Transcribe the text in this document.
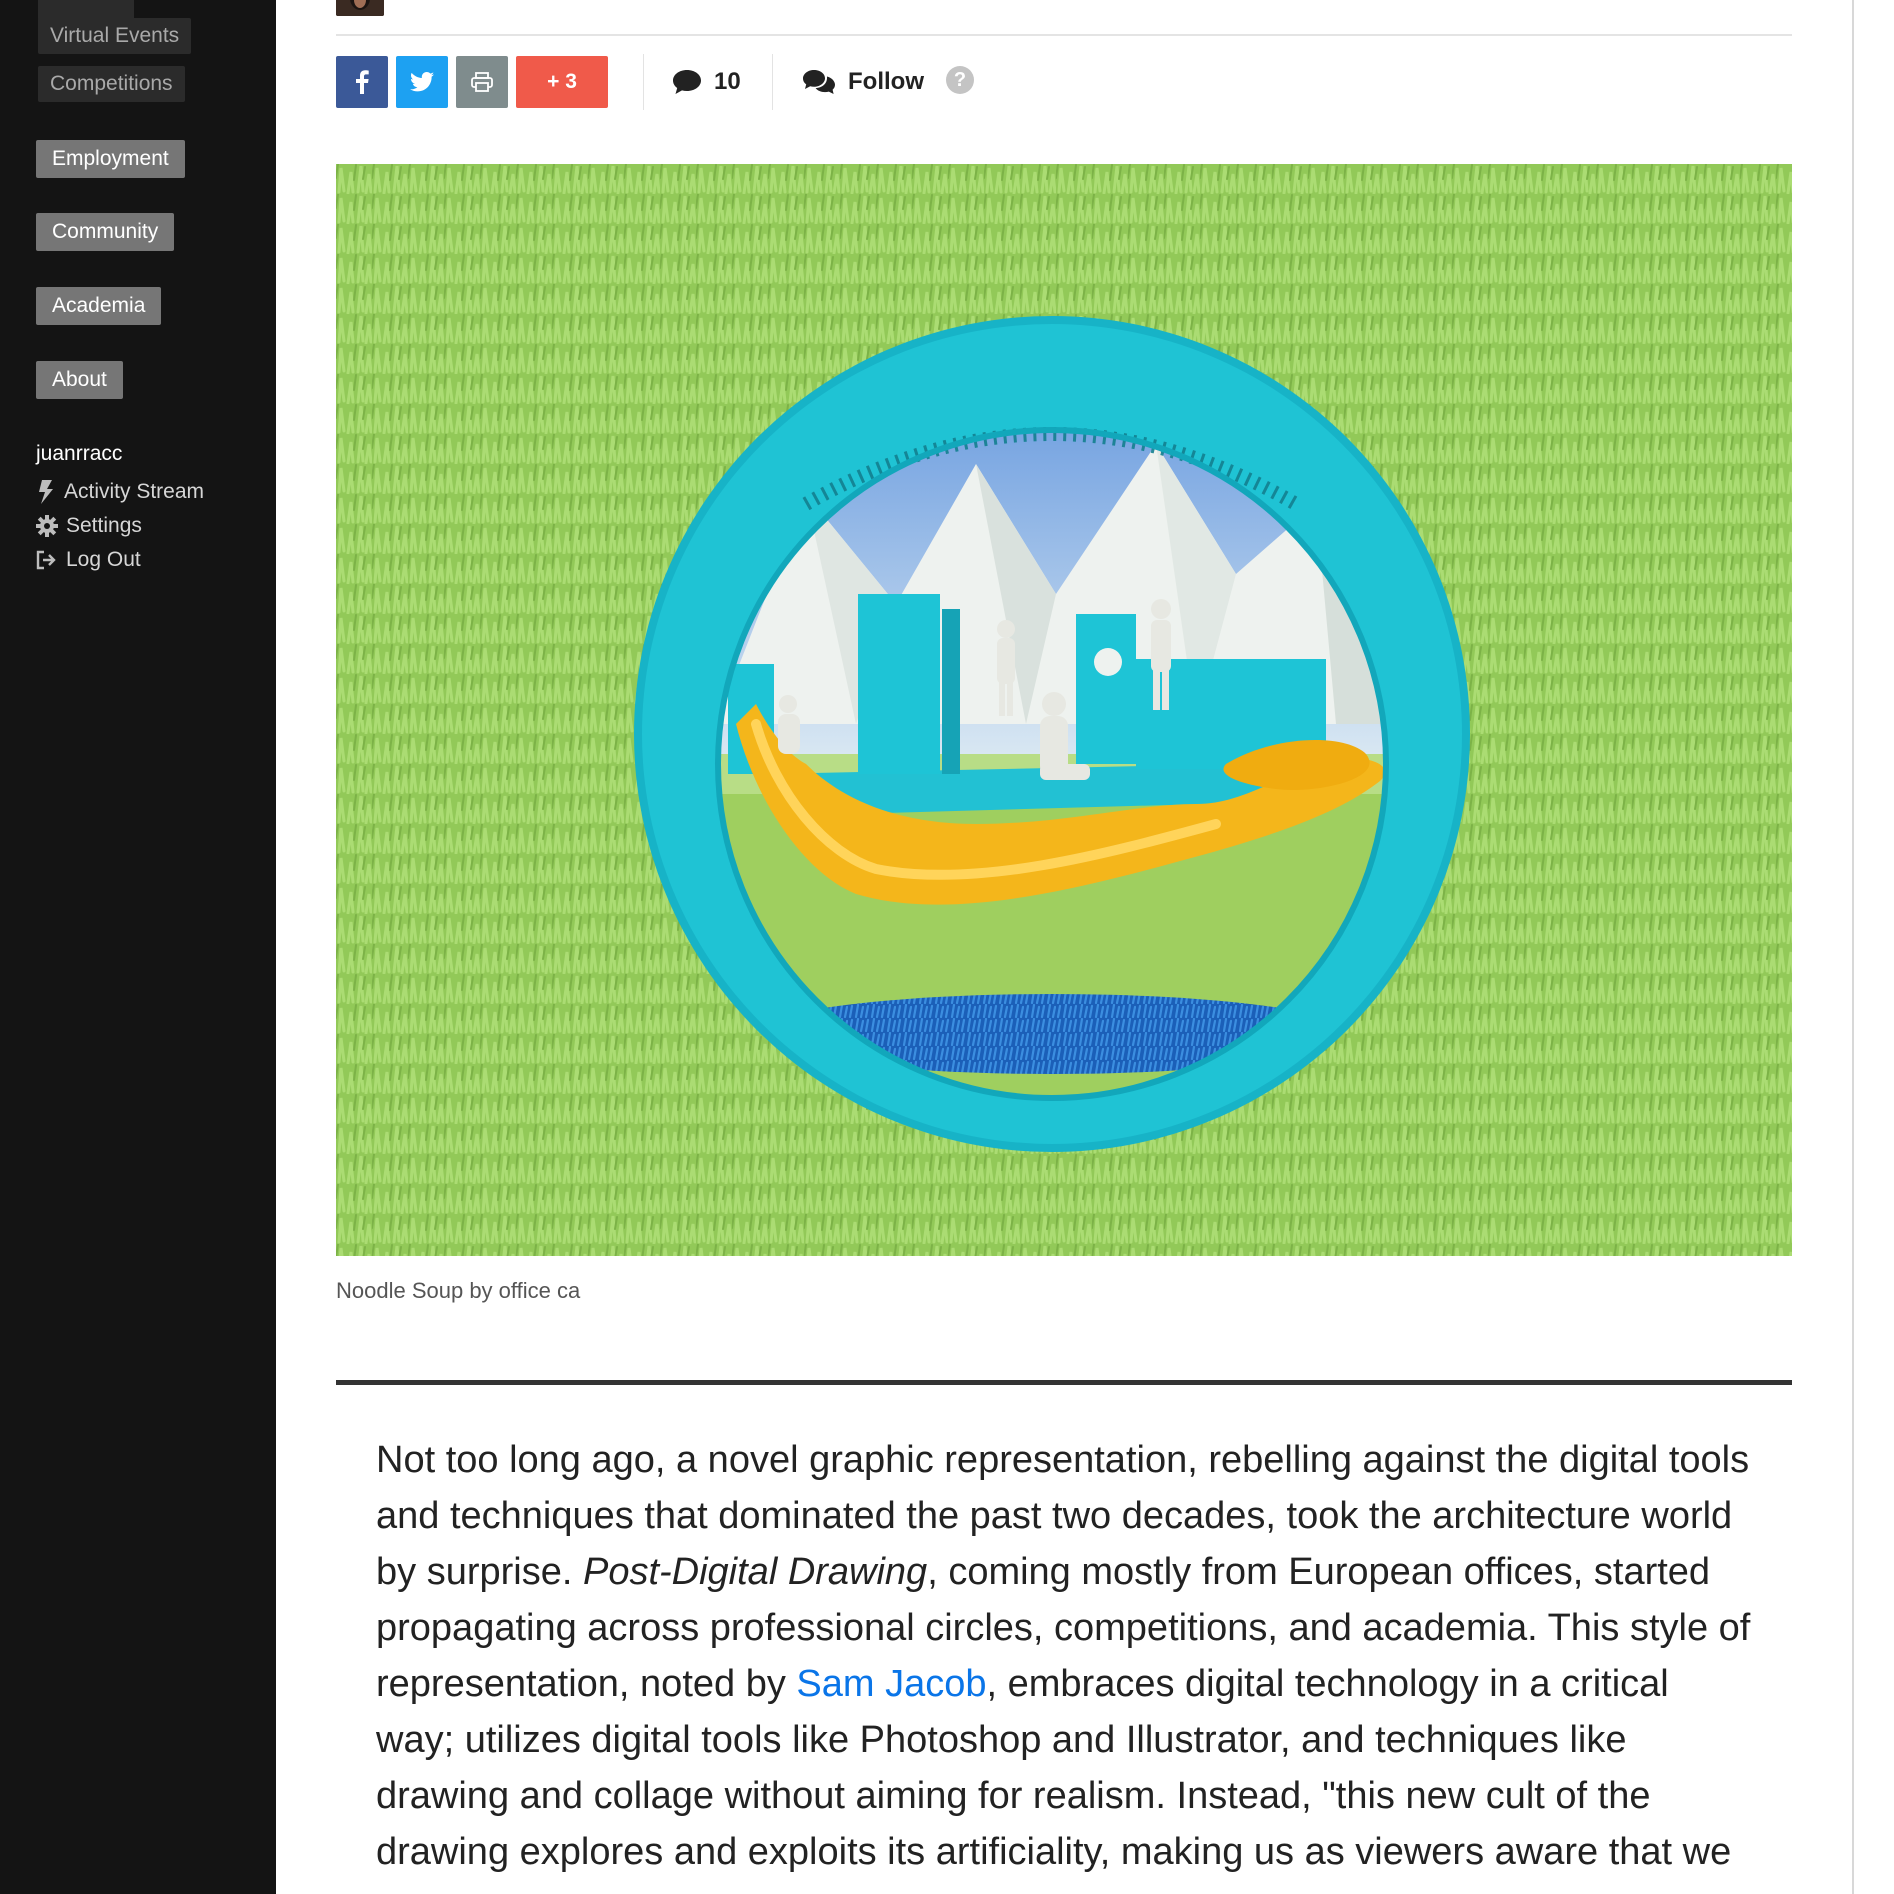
Virtual Events
Competitions
Employment
Community
Academia
About
juanrracc
Activity Stream
Settings
Log Out
+ 3	10	Follow	?
Noodle Soup by office ca
Not too long ago, a novel graphic representation, rebelling against the digital tools
and techniques that dominated the past two decades, took the architecture world
by surprise. Post-Digital Drawing, coming mostly from European offices, started
propagating across professional circles, competitions, and academia. This style of
representation, noted by Sam Jacob, embraces digital technology in a critical
way; utilizes digital tools like Photoshop and Illustrator, and techniques like
drawing and collage without aiming for realism. Instead, "this new cult of the
drawing explores and exploits its artificiality, making us as viewers aware that we
